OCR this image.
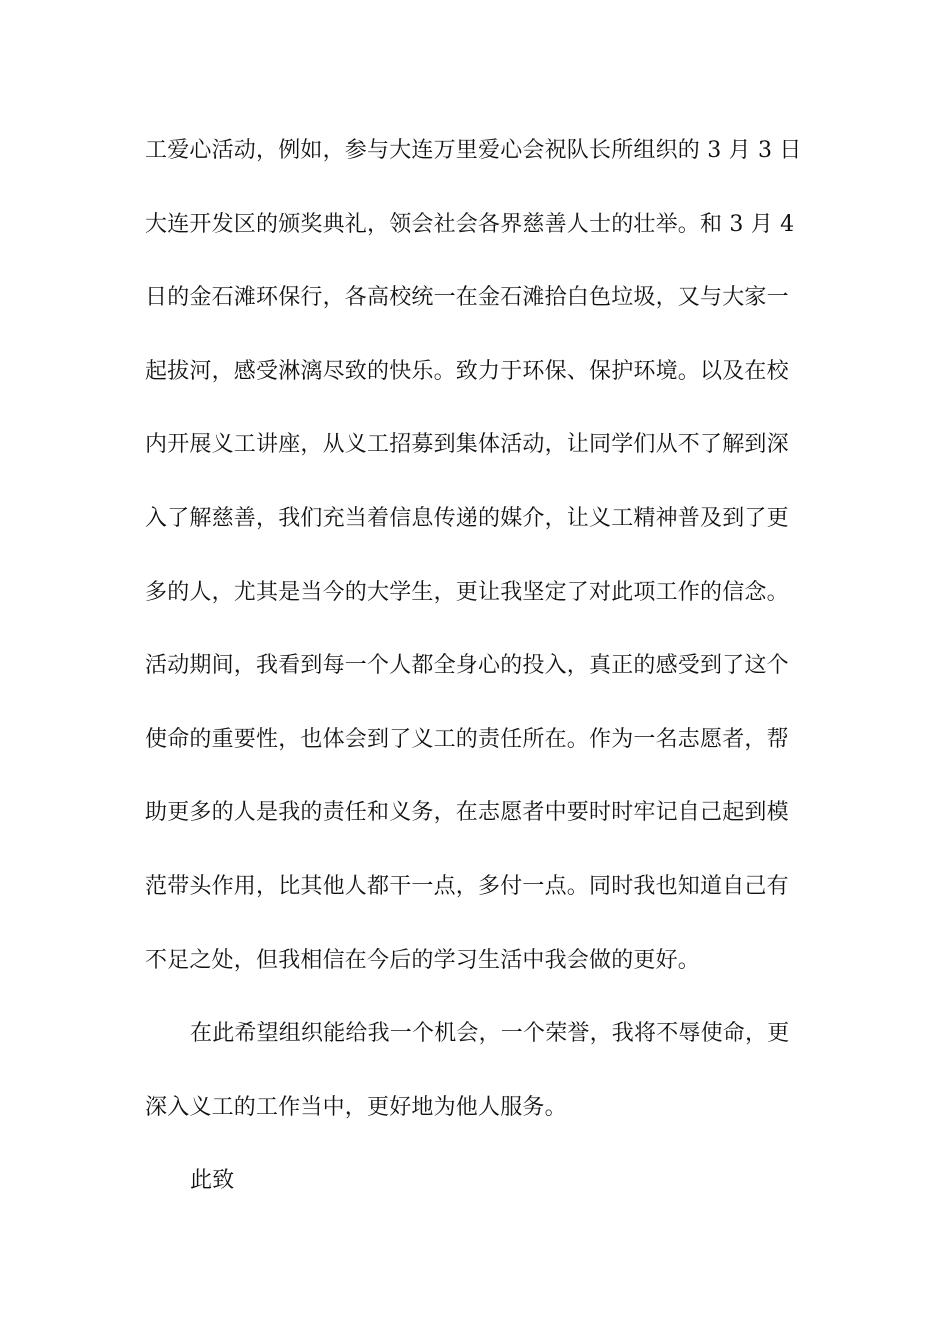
工爱心活动，例如，参与大连万里爱心会祝队长所组织的 3 月 3 日

大连开发区的颁奖典礼，领会社会各界慈善人士的壮举。和 3 月 4

日的金石滩环保行，各高校统一在金石滩拾白色垃圾，又与大家一

起拔河，感受淋漓尽致的快乐。致力于环保、保护环境。以及在校

内开展义工讲座，从义工招募到集体活动，让同学们从不了解到深

入了解慈善，我们充当着信息传递的媒介，让义工精神普及到了更

多的人，尤其是当今的大学生，更让我坚定了对此项工作的信念。

活动期间，我看到每一个人都全身心的投入，真正的感受到了这个

使命的重要性，也体会到了义工的责任所在。作为一名志愿者，帮

助更多的人是我的责任和义务，在志愿者中要时时牢记自己起到模

范带头作用，比其他人都干一点，多付一点。同时我也知道自己有

不足之处，但我相信在今后的学习生活中我会做的更好。

在此希望组织能给我一个机会，一个荣誉，我将不辱使命，更

深入义工的工作当中，更好地为他人服务。

此致
